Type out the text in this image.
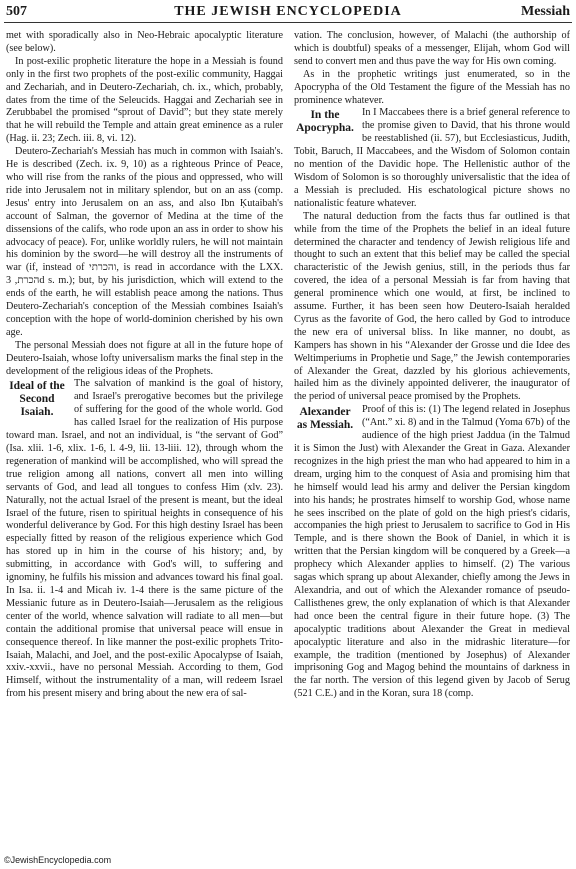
507	THE JEWISH ENCYCLOPEDIA	Messiah

met with sporadically also in Neo-Hebraic apocalyptic literature (see below).

In post-exilic prophetic literature the hope in a Messiah is found only in the first two prophets of the post-exilic community, Haggai and Zechariah, and in Deutero-Zechariah, ch. ix., which, probably, dates from the time of the Seleucids. Haggai and Zechariah see in Zerubbabel the promised “sprout of David”; but they state merely that he will rebuild the Temple and attain great eminence as a ruler (Hag. ii. 23; Zech. iii. 8, vi. 12).

Deutero-Zechariah's Messiah has much in common with Isaiah's. He is described (Zech. ix. 9, 10) as a righteous Prince of Peace, who will rise from the ranks of the pious and oppressed, who will ride into Jerusalem not in military splendor, but on an ass (comp. Jesus' entry into Jerusalem on an ass, and also Ibn Ḳutaibah's account of Salman, the governor of Medina at the time of the dissensions of the califs, who rode upon an ass in order to show his advocacy of peace). For, unlike worldly rulers, he will not maintain his dominion by the sword—he will destroy all the instruments of war (if, instead of והכרתי, is read in accordance with the LXX. הכרת, 3d s. m.); but, by his jurisdiction, which will extend to the ends of the earth, he will establish peace among the nations. Thus Deutero-Zechariah's conception of the Messiah combines Isaiah's conception with the hope of world-dominion cherished by his own age.

The personal Messiah does not figure at all in the future hope of Deutero-Isaiah, whose lofty universalism marks the final step in the development of the religious ideas of the Prophets.

Ideal of the Second Isaiah.

The salvation of mankind is the goal of history, and Israel's prerogative becomes but the privilege of suffering for the good of the whole world. God has called Israel for the realization of His purpose toward man. Israel, and not an individual, is “the servant of God” (Isa. xlii. 1-6, xlix. 1-6, l. 4-9, lii. 13-liii. 12), through whom the regeneration of mankind will be accomplished, who will spread the true religion among all nations, convert all men into willing servants of God, and lead all tongues to confess Him (xlv. 23). Naturally, not the actual Israel of the present is meant, but the ideal Israel of the future, risen to spiritual heights in consequence of his wonderful deliverance by God. For this high destiny Israel has been especially fitted by reason of the religious experience which God has stored up in him in the course of his history; and, by submitting, in accordance with God's will, to suffering and ignominy, he fulfils his mission and advances toward his final goal. In Isa. ii. 1-4 and Micah iv. 1-4 there is the same picture of the Messianic future as in Deutero-Isaiah—Jerusalem as the religious center of the world, whence salvation will radiate to all men—but contain the additional promise that universal peace will ensue in consequence thereof. In like manner the post-exilic prophets Trito-Isaiah, Malachi, and Joel, and the post-exilic Apocalypse of Isaiah, xxiv.-xxvii., have no personal Messiah. According to them, God Himself, without the instrumentality of a man, will redeem Israel from his present misery and bring about the new era of sal-

vation. The conclusion, however, of Malachi (the authorship of which is doubtful) speaks of a messenger, Elijah, whom God will send to convert men and thus pave the way for His own coming.

As in the prophetic writings just enumerated, so in the Apocrypha of the Old Testament the figure of the Messiah has no prominence whatever.

In the Apocrypha.

In I Maccabees there is a brief general reference to the promise given to David, that his throne would be reestablished (ii. 57), but Ecclesiasticus, Judith, Tobit, Baruch, II Maccabees, and the Wisdom of Solomon contain no mention of the Davidic hope. The Hellenistic author of the Wisdom of Solomon is so thoroughly universalistic that the idea of a Messiah is precluded. His eschatological picture shows no nationalistic feature whatever.

The natural deduction from the facts thus far outlined is that while from the time of the Prophets the belief in an ideal future determined the character and tendency of Jewish religious life and thought to such an extent that this belief may be called the special characteristic of the Jewish genius, still, in the periods thus far covered, the idea of a personal Messiah is far from having that general prominence which one would, at first, be inclined to assume. Further, it has been seen how Deutero-Isaiah heralded Cyrus as the favorite of God, the hero called by God to introduce the new era of universal bliss. In like manner, no doubt, as Kampers has shown in his “Alexander der Grosse und die Idee des Weltimperiums in Prophetie und Sage,” the Jewish contemporaries of Alexander the Great, dazzled by his glorious achievements, hailed him as the divinely appointed deliverer, the inaugurator of the period of universal peace promised by the Prophets.

Alexander as Messiah.

Proof of this is: (1) The legend related in Josephus (“Ant.” xi. 8) and in the Talmud (Yoma 67b) of the audience of the high priest Jaddua (in the Talmud it is Simon the Just) with Alexander the Great in Gaza. Alexander recognizes in the high priest the man who had appeared to him in a dream, urging him to the conquest of Asia and promising him that he himself would lead his army and deliver the Persian kingdom into his hands; he prostrates himself to worship God, whose name he sees inscribed on the plate of gold on the high priest's cidaris, accompanies the high priest to Jerusalem to sacrifice to God in His Temple, and is there shown the Book of Daniel, in which it is written that the Persian kingdom will be conquered by a Greek—a prophecy which Alexander applies to himself. (2) The various sagas which sprang up about Alexander, chiefly among the Jews in Alexandria, and out of which the Alexander romance of pseudo-Callisthenes grew, the only explanation of which is that Alexander had once been the central figure in their future hope. (3) The apocalyptic traditions about Alexander the Great in medieval apocalyptic literature and also in the midrashic literature—for example, the tradition (mentioned by Josephus) of Alexander imprisoning Gog and Magog behind the mountains of darkness in the far north. The version of this legend given by Jacob of Serug (521 C.E.) and in the Koran, sura 18 (comp.

©JewishEncyclopedia.com
